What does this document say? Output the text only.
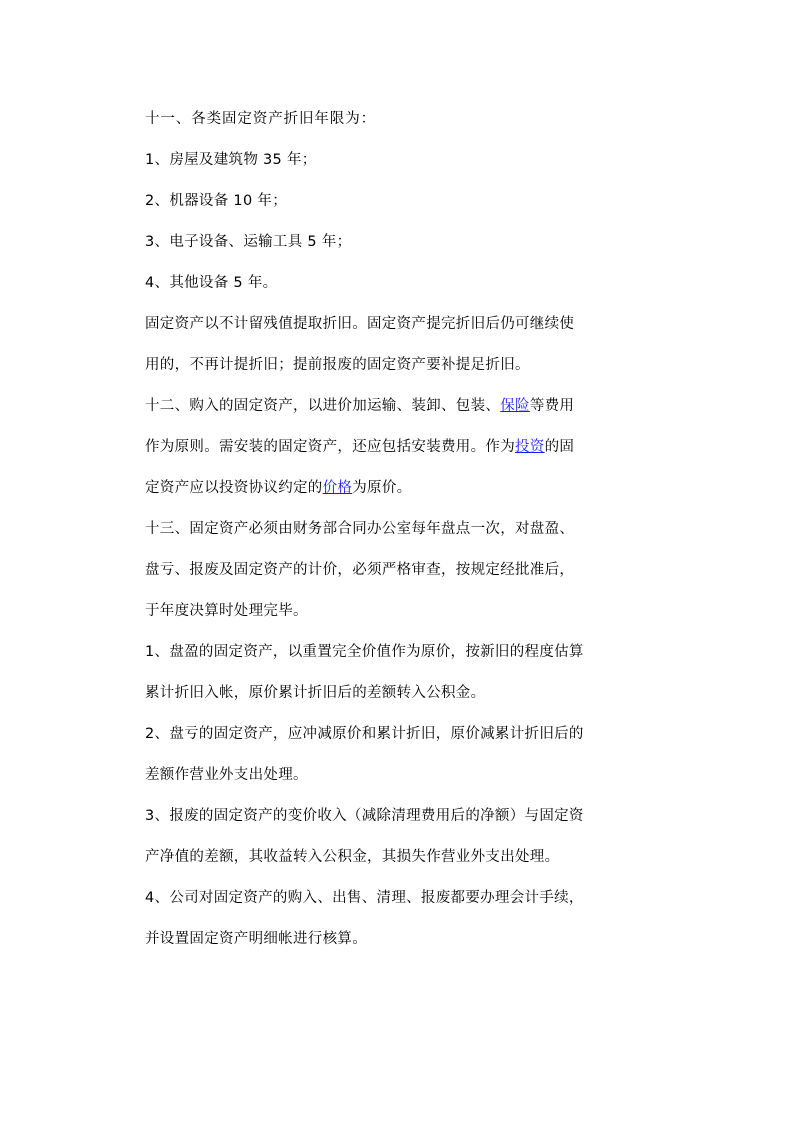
十一、各类固定资产折旧年限为：
1、房屋及建筑物 35 年；
2、机器设备 10 年；
3、电子设备、运输工具 5 年；
4、其他设备 5 年。
固定资产以不计留残值提取折旧。固定资产提完折旧后仍可继续使
用的，不再计提折旧；提前报废的固定资产要补提足折旧。
十二、购入的固定资产，以进价加运输、装卸、包装、保险等费用
作为原则。需安装的固定资产，还应包括安装费用。作为投资的固
定资产应以投资协议约定的价格为原价。
十三、固定资产必须由财务部合同办公室每年盘点一次，对盘盈、
盘亏、报废及固定资产的计价，必须严格审查，按规定经批准后，
于年度决算时处理完毕。
1、盘盈的固定资产，以重置完全价值作为原价，按新旧的程度估算
累计折旧入帐，原价累计折旧后的差额转入公积金。
2、盘亏的固定资产，应冲减原价和累计折旧，原价减累计折旧后的
差额作营业外支出处理。
3、报废的固定资产的变价收入（减除清理费用后的净额）与固定资
产净值的差额，其收益转入公积金，其损失作营业外支出处理。
4、公司对固定资产的购入、出售、清理、报废都要办理会计手续，
并设置固定资产明细帐进行核算。
